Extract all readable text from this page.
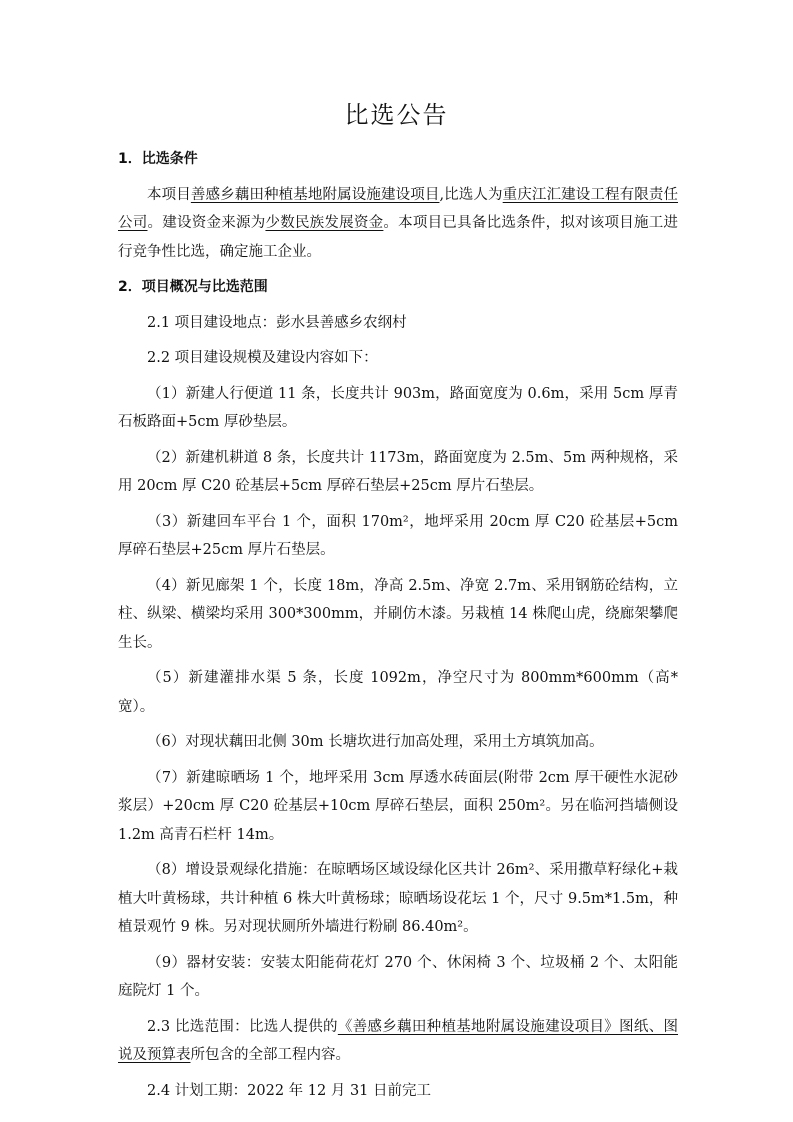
比选公告

1．比选条件

本项目善感乡藕田种植基地附属设施建设项目,比选人为重庆江汇建设工程有限责任公司。建设资金来源为少数民族发展资金。本项目已具备比选条件，拟对该项目施工进行竞争性比选，确定施工企业。

2．项目概况与比选范围

2.1 项目建设地点：彭水县善感乡农纲村

2.2 项目建设规模及建设内容如下：

（1）新建人行便道 11 条，长度共计 903m，路面宽度为 0.6m，采用 5cm 厚青石板路面+5cm 厚砂垫层。

（2）新建机耕道 8 条，长度共计 1173m，路面宽度为 2.5m、5m 两种规格，采用 20cm 厚 C20 砼基层+5cm 厚碎石垫层+25cm 厚片石垫层。

（3）新建回车平台 1 个，面积 170m²，地坪采用 20cm 厚 C20 砼基层+5cm 厚碎石垫层+25cm 厚片石垫层。

（4）新见廊架 1 个，长度 18m，净高 2.5m、净宽 2.7m、采用钢筋砼结构，立柱、纵梁、横梁均采用 300*300mm，并刷仿木漆。另栽植 14 株爬山虎，绕廊架攀爬生长。

（5）新建灌排水渠 5 条，长度 1092m，净空尺寸为 800mm*600mm（高*宽）。

（6）对现状藕田北侧 30m 长塘坎进行加高处理，采用土方填筑加高。

（7）新建晾晒场 1 个，地坪采用 3cm 厚透水砖面层(附带 2cm 厚干硬性水泥砂浆层）+20cm 厚 C20 砼基层+10cm 厚碎石垫层，面积 250m²。另在临河挡墙侧设 1.2m 高青石栏杆 14m。

（8）增设景观绿化措施：在晾晒场区域设绿化区共计 26m²、采用撒草籽绿化+栽植大叶黄杨球，共计种植 6 株大叶黄杨球；晾晒场设花坛 1 个，尺寸 9.5m*1.5m，种植景观竹 9 株。另对现状厕所外墙进行粉刷 86.40m²。

（9）器材安装：安装太阳能荷花灯 270 个、休闲椅 3 个、垃圾桶 2 个、太阳能庭院灯 1 个。

2.3 比选范围：比选人提供的《善感乡藕田种植基地附属设施建设项目》图纸、图说及预算表所包含的全部工程内容。

2.4 计划工期：2022 年 12 月 31 日前完工
